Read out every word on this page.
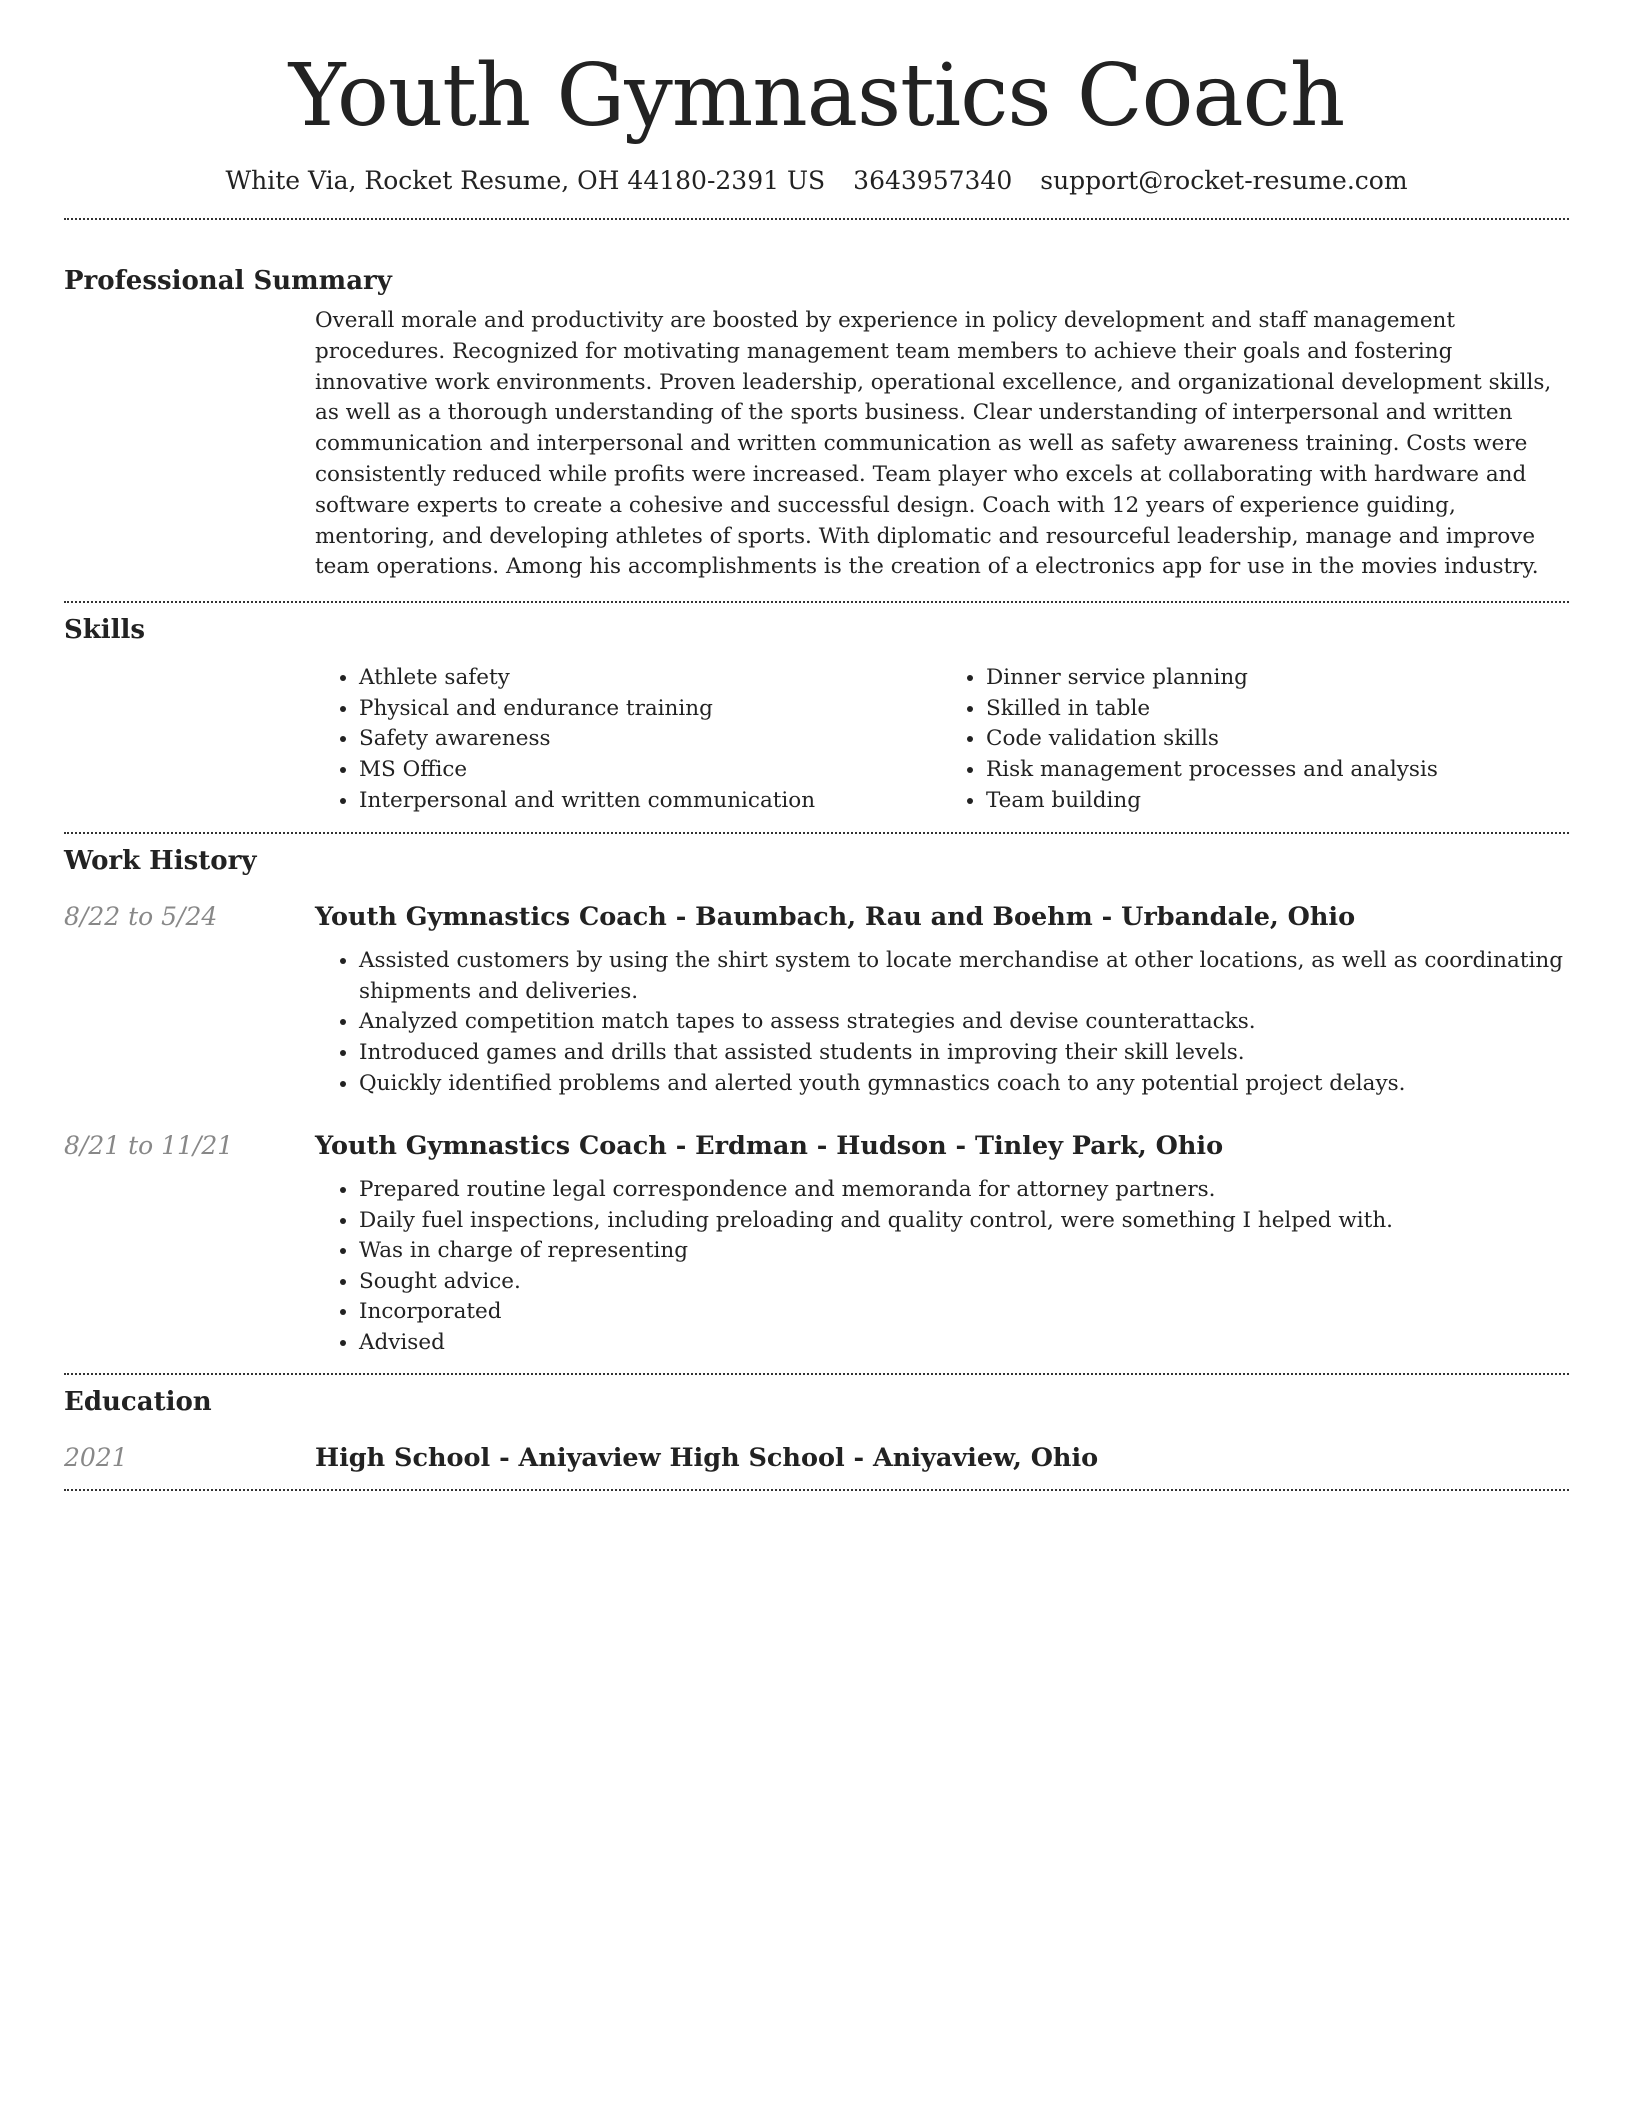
Youth Gymnastics Coach
White Via, Rocket Resume, OH 44180-2391 US 3643957340 support@rocket-resume.com
Professional Summary

Overall morale and productivity are boosted by experience in policy development and staff management procedures. Recognized for motivating management team members to achieve their goals and fostering innovative work environments. Proven leadership, operational excellence, and organizational development skills, as well as a thorough understanding of the sports business. Clear understanding of interpersonal and written communication and interpersonal and written communication as well as safety awareness training. Costs were consistently reduced while profits were increased. Team player who excels at collaborating with hardware and software experts to create a cohesive and successful design. Coach with 12 years of experience guiding, mentoring, and developing athletes of sports. With diplomatic and resourceful leadership, manage and improve team operations. Among his accomplishments is the creation of a electronics app for use in the movies industry.

Skills
• Athlete safety
• Physical and endurance training
• Safety awareness
• MS Office
• Interpersonal and written communication
• Dinner service planning
• Skilled in table
• Code validation skills
• Risk management processes and analysis
• Team building
Work History
8/22 to 5/24	Youth Gymnastics Coach - Baumbach, Rau and Boehm - Urbandale, Ohio
• Assisted customers by using the shirt system to locate merchandise at other locations, as well as coordinating shipments and deliveries.
• Analyzed competition match tapes to assess strategies and devise counterattacks.
• Introduced games and drills that assisted students in improving their skill levels.
• Quickly identified problems and alerted youth gymnastics coach to any potential project delays.
8/21 to 11/21	Youth Gymnastics Coach - Erdman - Hudson - Tinley Park, Ohio
• Prepared routine legal correspondence and memoranda for attorney partners.
• Daily fuel inspections, including preloading and quality control, were something I helped with.
• Was in charge of representing
• Sought advice.
• Incorporated
• Advised
Education
2021	High School - Aniyaview High School - Aniyaview, Ohio
